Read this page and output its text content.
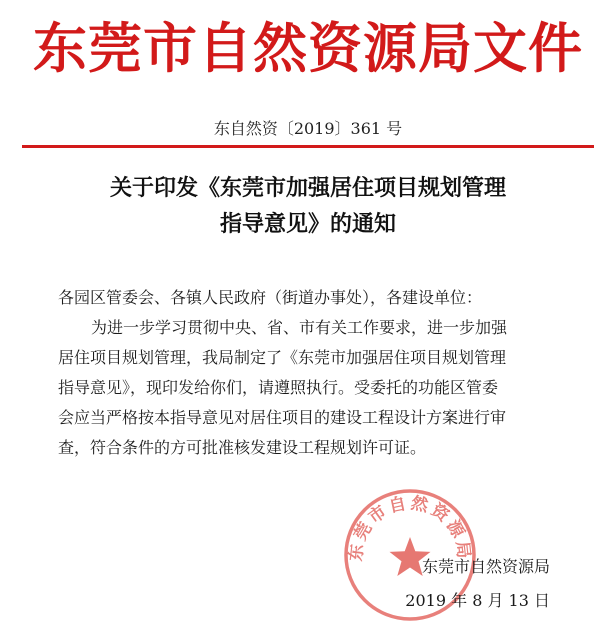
东莞市自然资源局文件
东自然资〔2019〕361 号
关于印发《东莞市加强居住项目规划管理
指导意见》的通知
各园区管委会、各镇人民政府（街道办事处），各建设单位：
为进一步学习贯彻中央、省、市有关工作要求，进一步加强
居住项目规划管理，我局制定了《东莞市加强居住项目规划管理
指导意见》，现印发给你们，请遵照执行。受委托的功能区管委
会应当严格按本指导意见对居住项目的建设工程设计方案进行审
查，符合条件的方可批准核发建设工程规划许可证。
东莞市自然资源局
东莞市自然资源局
2019 年 8 月 13 日
